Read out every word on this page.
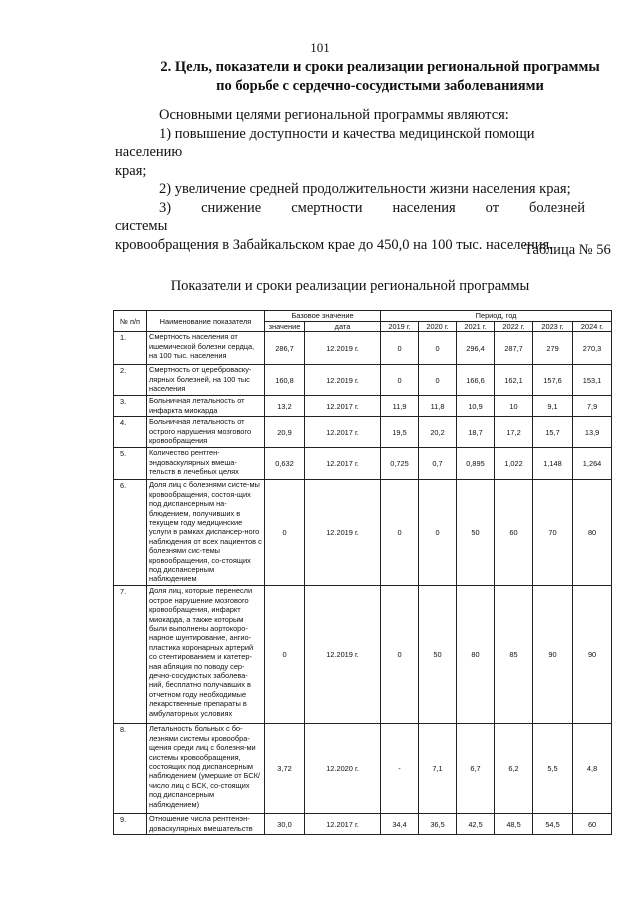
101
2. Цель, показатели и сроки реализации региональной программы
по борьбе с сердечно-сосудистыми заболеваниями

Основными целями региональной программы являются:

1) повышение доступности и качества медицинской помощи населению

края;

2) увеличение средней продолжительности жизни населения края;

3) снижение смертности населения от болезней системы

кровообращения в Забайкальском крае до 450,0 на 100 тыс. населения.

Таблица № 56
Показатели и сроки реализации региональной программы
№ п/п	Наименование показателя	Базовое значение		Период, год					
		значение	дата	2019 г.	2020 г.	2021 г.	2022 г.	2023 г.	2024 г.
1.	Смертность населения от ишемической болезни сердца, на 100 тыс. населения	286,7	12.2019 г.	0	0	296,4	287,7	279	270,3
2.	Смертность от цереброваску-лярных болезней, на 100 тыс населения	160,8	12.2019 г.	0	0	166,6	162,1	157,6	153,1
3.	Больничная летальность от инфаркта миокарда	13,2	12.2017 г.	11,9	11,8	10,9	10	9,1	7,9
4.	Больничная летальность от острого нарушения мозгового кровообращения	20,9	12.2017 г.	19,5	20,2	18,7	17,2	15,7	13,9
5.	Количество рентген-эндоваскулярных вмеша-тельств в лечебных целях	0,632	12.2017 г.	0,725	0,7	0,895	1,022	1,148	1,264
6.	Доля лиц с болезнями систе-мы кровообращения, состоя-щих под диспансерным на-блюдением, получивших в текущем году медицинские услуги в рамках диспансер-ного наблюдения от всех пациентов с болезнями сис-темы кровообращения, со-стоящих под диспансерным наблюдением	0	12.2019 г.	0	0	50	60	70	80
7.	Доля лиц, которые перенесли острое нарушение мозгового кровообращения, инфаркт миокарда, а также которым были выполнены аортокоро-нарное шунтирование, ангио-пластика коронарных артерий со стентированием и катетер-ная абляция по поводу сер-дечно-сосудистых заболева-ний, бесплатно получавших в отчетном году необходимые лекарственные препараты в амбулаторных условиях	0	12.2019 г.	0	50	80	85	90	90
8.	Летальность больных с бо-лезнями системы кровообра-щения среди лиц с болезня-ми системы кровообращения, состоящих под диспансерным наблюдением (умершие от БСК/ число лиц с БСК, со-стоящих под диспансерным наблюдением)	3,72	12.2020 г.	-	7,1	6,7	6,2	5,5	4,8
9.	Отношение числа рентгенэн-доваскулярных вмешательств	30,0	12.2017 г.	34,4	36,5	42,5	48,5	54,5	60
